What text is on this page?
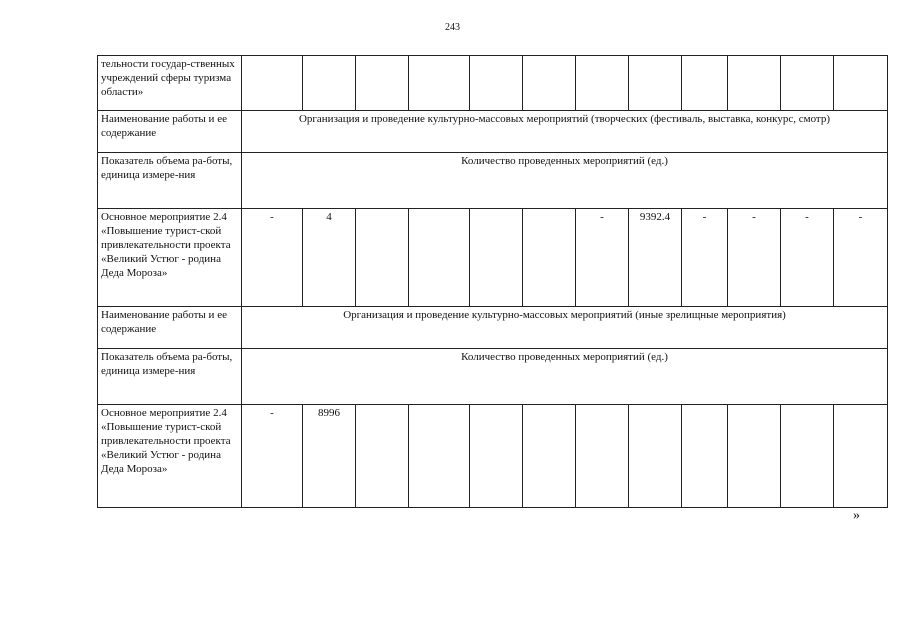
243
тельности государ-ственных учреждений сферы туризма области»												
Наименование работы и ее содержание	Организация и проведение культурно-массовых мероприятий (творческих (фестиваль, выставка, конкурс, смотр)											
Показатель объема ра-боты, единица измере-ния	Количество проведенных мероприятий (ед.)											
Основное мероприятие 2.4 «Повышение турист-ской привлекательности проекта «Великий Устюг - родина Деда Мороза»	-	4					-	9392.4	-	-	-	-
Наименование работы и ее содержание	Организация и проведение культурно-массовых мероприятий (иные зрелищные мероприятия)											
Показатель объема ра-боты, единица измере-ния	Количество проведенных мероприятий (ед.)											
Основное мероприятие 2.4 «Повышение турист-ской привлекательности проекта «Великий Устюг - родина Деда Мороза»	-	8996										
»
